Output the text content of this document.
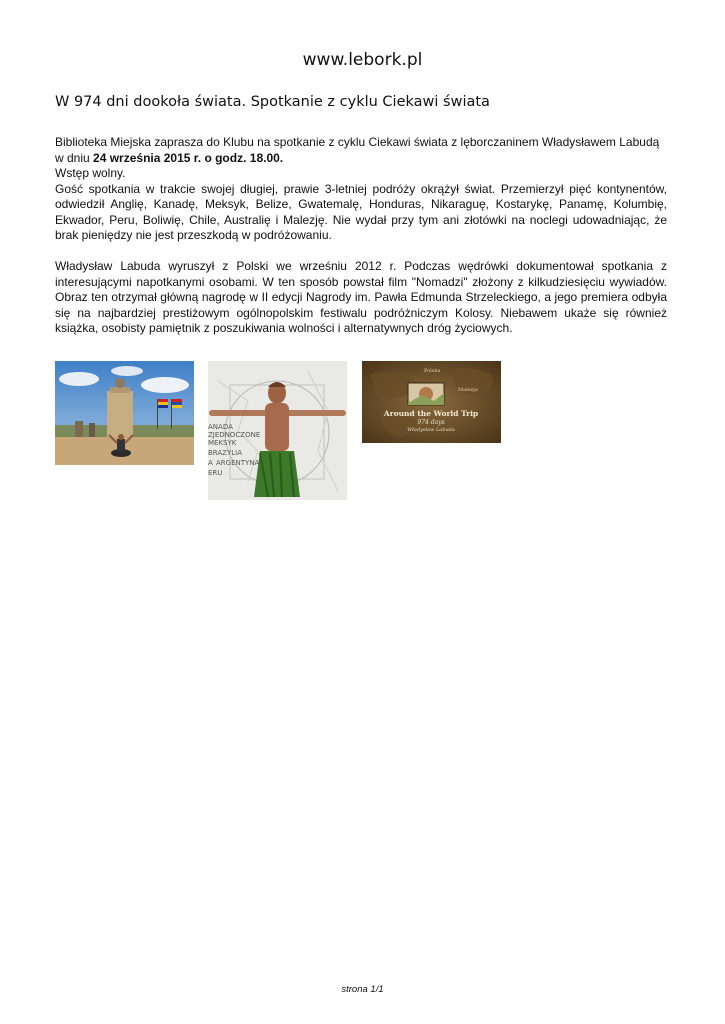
www.lebork.pl
W 974 dni dookoła świata. Spotkanie z cyklu Ciekawi świata

Biblioteka Miejska zaprasza do Klubu na spotkanie z cyklu Ciekawi świata z lęborczaninem Władysławem Labudą
w dniu 24 września 2015 r. o godz. 18.00.
Wstęp wolny.

Gość spotkania w trakcie swojej długiej, prawie 3-letniej podróży okrążył świat. Przemierzył pięć kontynentów, odwiedził Anglię, Kanadę, Meksyk, Belize, Gwatemalę, Honduras, Nikaraguę, Kostarykę, Panamę, Kolumbię, Ekwador, Peru, Boliwię, Chile, Australię i Malezję. Nie wydał przy tym ani złotówki na noclegi udowadniając, że brak pieniędzy nie jest przeszkodą w podróżowaniu.

Władysław Labuda wyruszył z Polski we wrześniu 2012 r. Podczas wędrówki dokumentował spotkania z interesującymi napotkanymi osobami. W ten sposób powstał film "Nomadzi" złożony z kilkudziesięciu wywiadów. Obraz ten otrzymał główną nagrodę w II edycji Nagrody im. Pawła Edmunda Strzeleckiego, a jego premiera odbyła się na najbardziej prestiżowym ogólnopolskim festiwalu podróżniczym Kolosy. Niebawem ukaże się również książka, osobisty pamiętnik z poszukiwania wolności i alternatywnych dróg życiowych.

ANADA
ZJEDNOCZONE
MEKSYK
BRAZYLIA
A ARGENTYNA
ERU
Around the World Trip
974 days
Władysław Labuda
Polska
Malezja
strona 1/1
